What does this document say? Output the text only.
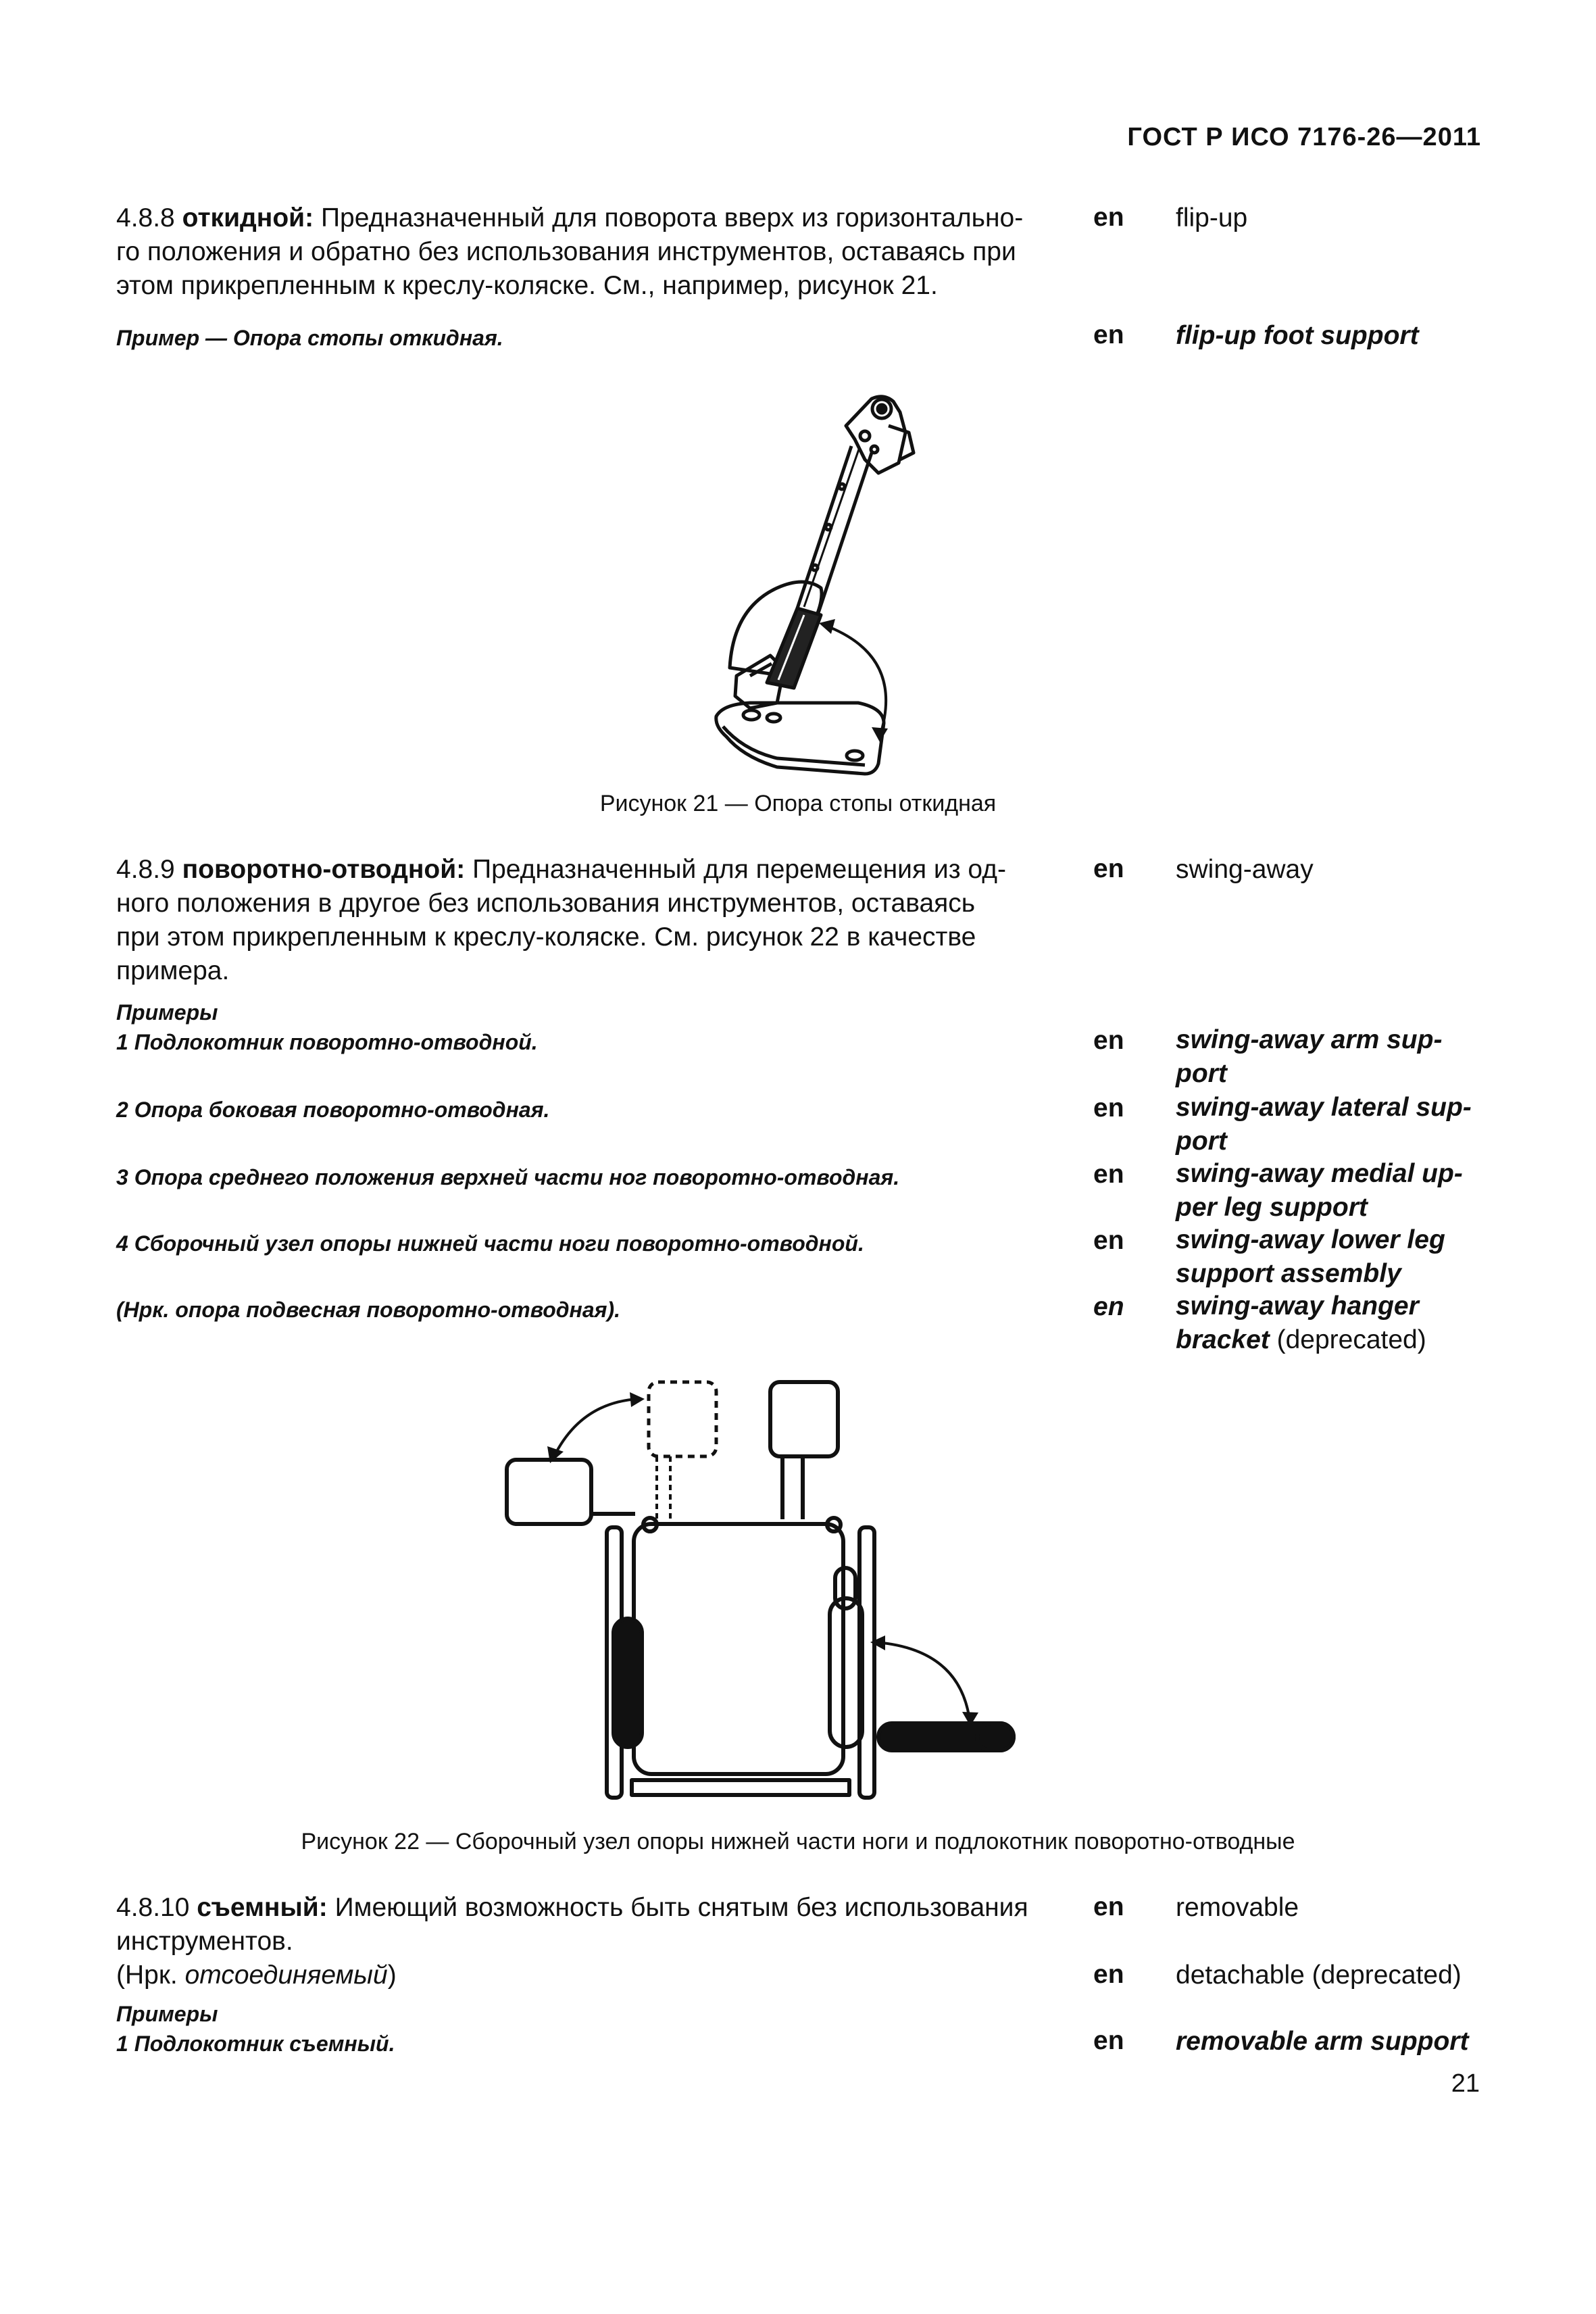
ГОСТ Р ИСО 7176-26—2011
4.8.8 откидной: Предназначенный для поворота вверх из горизонтально-
го положения и обратно без использования инструментов, оставаясь при
этом прикрепленным к креслу-коляске. См., например, рисунок 21.
Пример — Опора стопы откидная.
en flip-up
en flip-up foot support
Рисунок 21 — Опора стопы откидная
4.8.9 поворотно-отводной: Предназначенный для перемещения из од-
ного положения в другое без использования инструментов, оставаясь
при этом прикрепленным к креслу-коляске. См. рисунок 22 в качестве
примера.
en swing-away
Примеры
1 Подлокотник поворотно-отводной.
2 Опора боковая поворотно-отводная.
3 Опора среднего положения верхней части ног поворотно-отводная.
4 Сборочный узел опоры нижней части ноги поворотно-отводной.
(Нрк. опора подвесная поворотно-отводная).
en swing-away arm sup-
port
en swing-away lateral sup-
port
en swing-away medial up-
per leg support
en swing-away lower leg
support assembly
en swing-away hanger
bracket (deprecated)
Рисунок 22 — Сборочный узел опоры нижней части ноги и подлокотник поворотно-отводные
4.8.10 съемный: Имеющий возможность быть снятым без использования
инструментов.
(Нрк. отсоединяемый)
Примеры
1 Подлокотник съемный.
en removable
en detachable (deprecated)
en removable arm support
21
